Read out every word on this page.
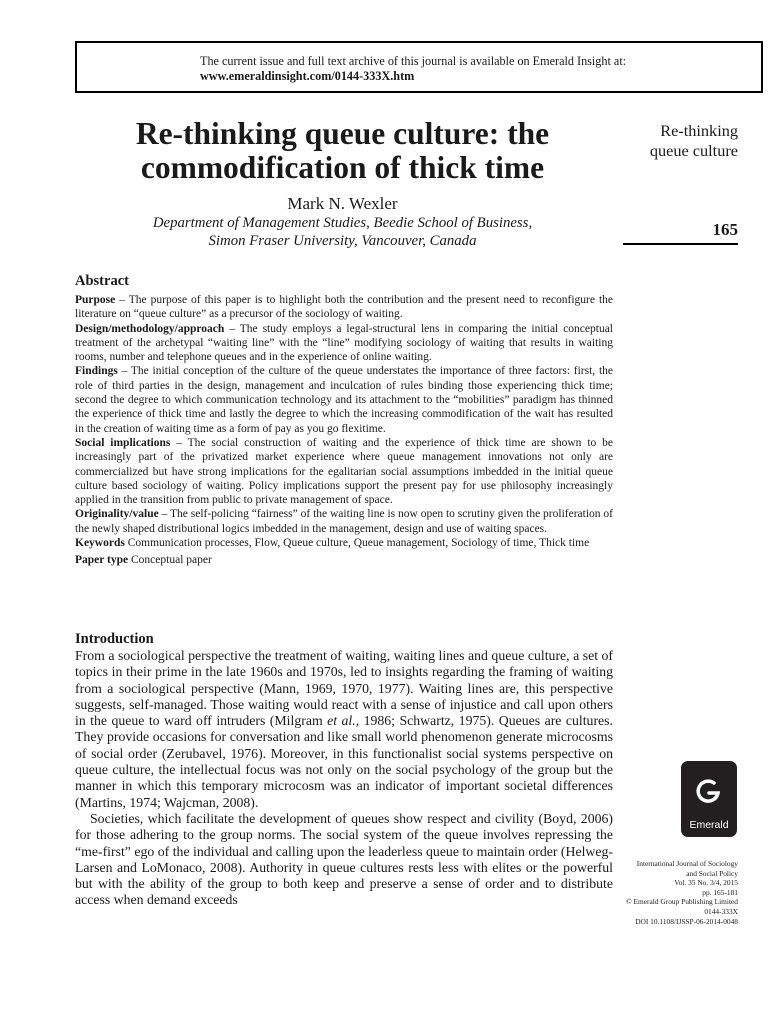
The current issue and full text archive of this journal is available on Emerald Insight at:
www.emeraldinsight.com/0144-333X.htm
Re-thinking queue culture: the commodification of thick time
Mark N. Wexler
Department of Management Studies, Beedie School of Business,
Simon Fraser University, Vancouver, Canada
Re-thinking
queue culture
165
Abstract

Purpose – The purpose of this paper is to highlight both the contribution and the present need to reconfigure the literature on “queue culture” as a precursor of the sociology of waiting.

Design/methodology/approach – The study employs a legal-structural lens in comparing the initial conceptual treatment of the archetypal “waiting line” with the “line” modifying sociology of waiting that results in waiting rooms, number and telephone queues and in the experience of online waiting.

Findings – The initial conception of the culture of the queue understates the importance of three factors: first, the role of third parties in the design, management and inculcation of rules binding those experiencing thick time; second the degree to which communication technology and its attachment to the “mobilities” paradigm has thinned the experience of thick time and lastly the degree to which the increasing commodification of the wait has resulted in the creation of waiting time as a form of pay as you go flexitime.

Social implications – The social construction of waiting and the experience of thick time are shown to be increasingly part of the privatized market experience where queue management innovations not only are commercialized but have strong implications for the egalitarian social assumptions imbedded in the initial queue culture based sociology of waiting. Policy implications support the present pay for use philosophy increasingly applied in the transition from public to private management of space.

Originality/value – The self-policing “fairness” of the waiting line is now open to scrutiny given the proliferation of the newly shaped distributional logics imbedded in the management, design and use of waiting spaces.

Keywords Communication processes, Flow, Queue culture, Queue management, Sociology of time, Thick time

Paper type Conceptual paper

Introduction

From a sociological perspective the treatment of waiting, waiting lines and queue culture, a set of topics in their prime in the late 1960s and 1970s, led to insights regarding the framing of waiting from a sociological perspective (Mann, 1969, 1970, 1977). Waiting lines are, this perspective suggests, self-managed. Those waiting would react with a sense of injustice and call upon others in the queue to ward off intruders (Milgram et al., 1986; Schwartz, 1975). Queues are cultures. They provide occasions for conversation and like small world phenomenon generate microcosms of social order (Zerubavel, 1976). Moreover, in this functionalist social systems perspective on queue culture, the intellectual focus was not only on the social psychology of the group but the manner in which this temporary microcosm was an indicator of important societal differences (Martins, 1974; Wajcman, 2008).

Societies, which facilitate the development of queues show respect and civility (Boyd, 2006) for those adhering to the group norms. The social system of the queue involves repressing the “me-first” ego of the individual and calling upon the leaderless queue to maintain order (Helweg-Larsen and LoMonaco, 2008). Authority in queue cultures rests less with elites or the powerful but with the ability of the group to both keep and preserve a sense of order and to distribute access when demand exceeds

Emerald
International Journal of Sociology
and Social Policy
Vol. 35 No. 3/4, 2015
pp. 165-181
© Emerald Group Publishing Limited
0144-333X
DOI 10.1108/IJSSP-06-2014-0048
